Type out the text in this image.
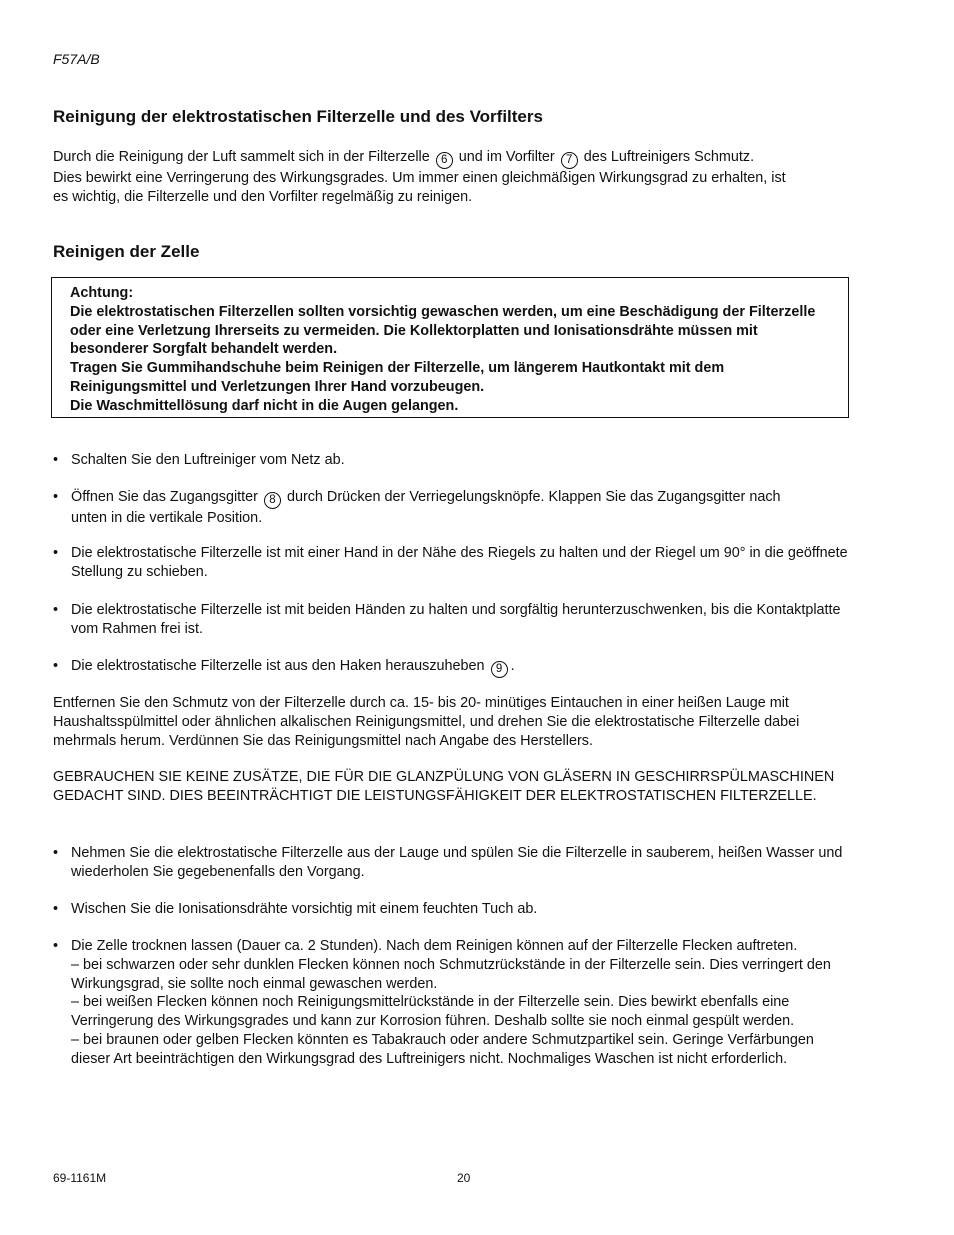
F57A/B
Reinigung der elektrostatischen Filterzelle und des Vorfilters

Durch die Reinigung der Luft sammelt sich in der Filterzelle 6 und im Vorfilter 7 des Luftreinigers Schmutz.
Dies bewirkt eine Verringerung des Wirkungsgrades. Um immer einen gleichmäßigen Wirkungsgrad zu erhalten, ist
es wichtig, die Filterzelle und den Vorfilter regelmäßig zu reinigen.

Reinigen der Zelle

Achtung:

Die elektrostatischen Filterzellen sollten vorsichtig gewaschen werden, um eine Beschädigung der Filterzelle oder eine Verletzung Ihrerseits zu vermeiden. Die Kollektorplatten und Ionisationsdrähte müssen mit besonderer Sorgfalt behandelt werden.

Tragen Sie Gummihandschuhe beim Reinigen der Filterzelle, um längerem Hautkontakt mit dem Reinigungsmittel und Verletzungen Ihrer Hand vorzubeugen.

Die Waschmittellösung darf nicht in die Augen gelangen.

• Schalten Sie den Luftreiniger vom Netz ab.
• Öffnen Sie das Zugangsgitter 8 durch Drücken der Verriegelungsknöpfe. Klappen Sie das Zugangsgitter nach
unten in die vertikale Position.
• Die elektrostatische Filterzelle ist mit einer Hand in der Nähe des Riegels zu halten und der Riegel um 90° in die geöffnete Stellung zu schieben.
• Die elektrostatische Filterzelle ist mit beiden Händen zu halten und sorgfältig herunterzuschwenken, bis die Kontaktplatte vom Rahmen frei ist.
• Die elektrostatische Filterzelle ist aus den Haken herauszuheben 9 .

Entfernen Sie den Schmutz von der Filterzelle durch ca. 15- bis 20- minütiges Eintauchen in einer heißen Lauge mit Haushaltsspülmittel oder ähnlichen alkalischen Reinigungsmittel, und drehen Sie die elektrostatische Filterzelle dabei mehrmals herum. Verdünnen Sie das Reinigungsmittel nach Angabe des Herstellers.

GEBRAUCHEN SIE KEINE ZUSÄTZE, DIE FÜR DIE GLANZPÜLUNG VON GLÄSERN IN GESCHIRRSPÜLMASCHINEN GEDACHT SIND. DIES BEEINTRÄCHTIGT DIE LEISTUNGSFÄHIGKEIT DER ELEKTROSTATISCHEN FILTERZELLE.

• Nehmen Sie die elektrostatische Filterzelle aus der Lauge und spülen Sie die Filterzelle in sauberem, heißen Wasser und wiederholen Sie gegebenenfalls den Vorgang.
• Wischen Sie die Ionisationsdrähte vorsichtig mit einem feuchten Tuch ab.
• Die Zelle trocknen lassen (Dauer ca. 2 Stunden). Nach dem Reinigen können auf der Filterzelle Flecken auftreten.
– bei schwarzen oder sehr dunklen Flecken können noch Schmutzrückstände in der Filterzelle sein. Dies verringert den Wirkungsgrad, sie sollte noch einmal gewaschen werden.
– bei weißen Flecken können noch Reinigungsmittelrückstände in der Filterzelle sein. Dies bewirkt ebenfalls eine Verringerung des Wirkungsgrades und kann zur Korrosion führen. Deshalb sollte sie noch einmal gespült werden.
– bei braunen oder gelben Flecken könnten es Tabakrauch oder andere Schmutzpartikel sein. Geringe Verfärbungen dieser Art beeinträchtigen den Wirkungsgrad des Luftreinigers nicht. Nochmaliges Waschen ist nicht erforderlich.
69-1161M	20
